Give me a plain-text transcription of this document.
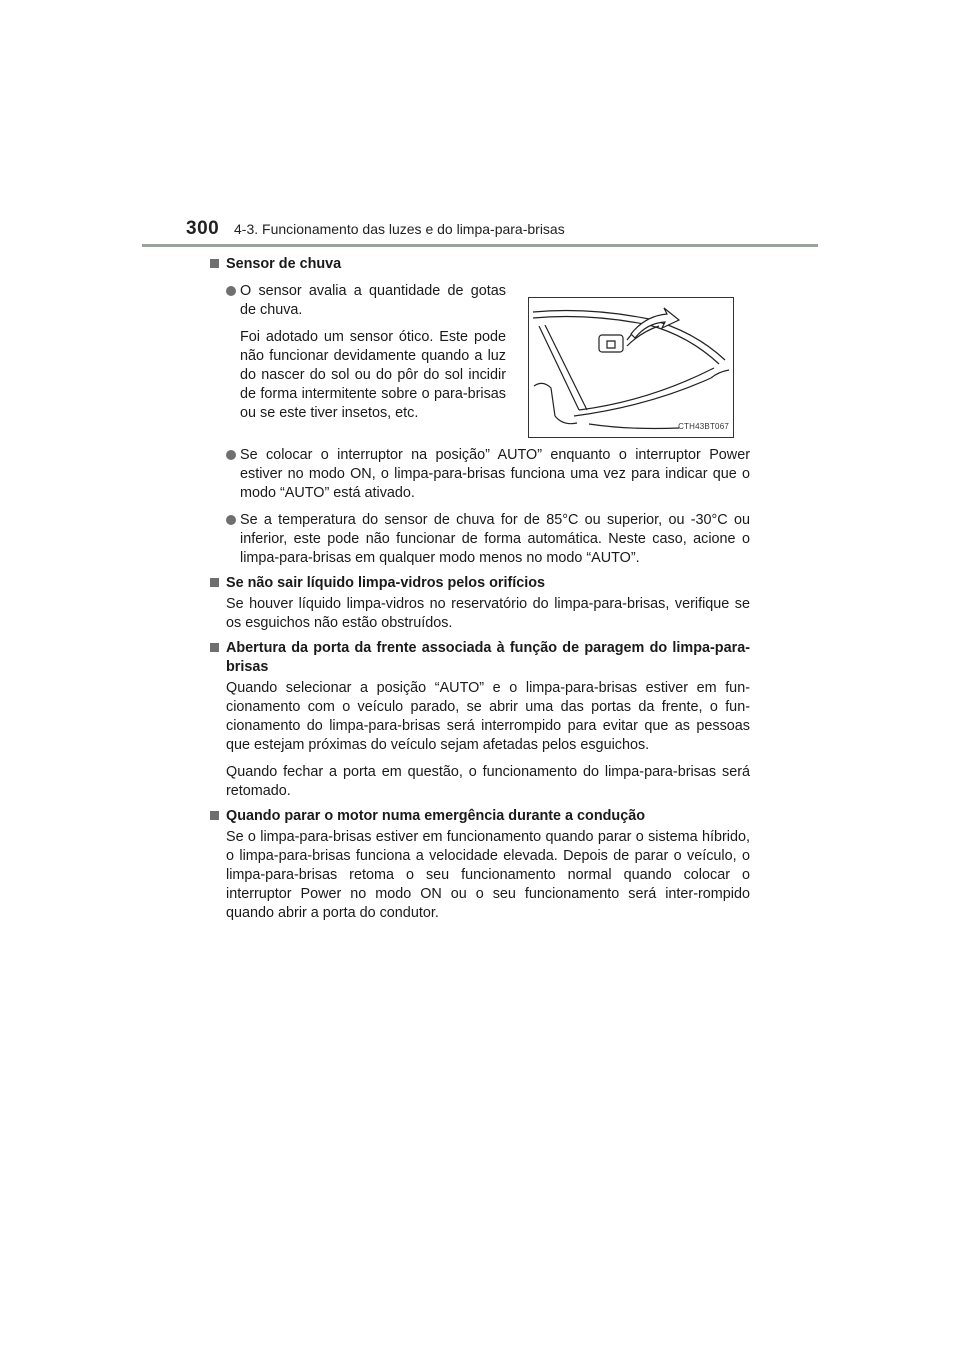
300 4-3. Funcionamento das luzes e do limpa-para-brisas
Sensor de chuva
O sensor avalia a quantidade de gotas de chuva.
Foi adotado um sensor ótico. Este pode não funcionar devidamente quando a luz do nascer do sol ou do pôr do sol incidir de forma intermitente sobre o para-brisas ou se este tiver insetos, etc.
CTH43BT067
Se colocar o interruptor na posição” AUTO” enquanto o interruptor Power estiver no modo ON, o limpa-para-brisas funciona uma vez para indicar que o modo “AUTO” está ativado.
Se a temperatura do sensor de chuva for de 85°C ou superior, ou -30°C ou inferior, este pode não funcionar de forma automática. Neste caso, acione o limpa-para-brisas em qualquer modo menos no modo “AUTO”.
Se não sair líquido limpa-vidros pelos orifícios
Se houver líquido limpa-vidros no reservatório do limpa-para-brisas, verifique se os esguichos não estão obstruídos.
Abertura da porta da frente associada à função de paragem do limpa-para-brisas
Quando selecionar a posição “AUTO” e o limpa-para-brisas estiver em fun-cionamento com o veículo parado, se abrir uma das portas da frente, o fun-cionamento do limpa-para-brisas será interrompido para evitar que as pessoas que estejam próximas do veículo sejam afetadas pelos esguichos.
Quando fechar a porta em questão, o funcionamento do limpa-para-brisas será retomado.
Quando parar o motor numa emergência durante a condução
Se o limpa-para-brisas estiver em funcionamento quando parar o sistema híbrido, o limpa-para-brisas funciona a velocidade elevada. Depois de parar o veículo, o limpa-para-brisas retoma o seu funcionamento normal quando colocar o interruptor Power no modo ON ou o seu funcionamento será inter-rompido quando abrir a porta do condutor.
